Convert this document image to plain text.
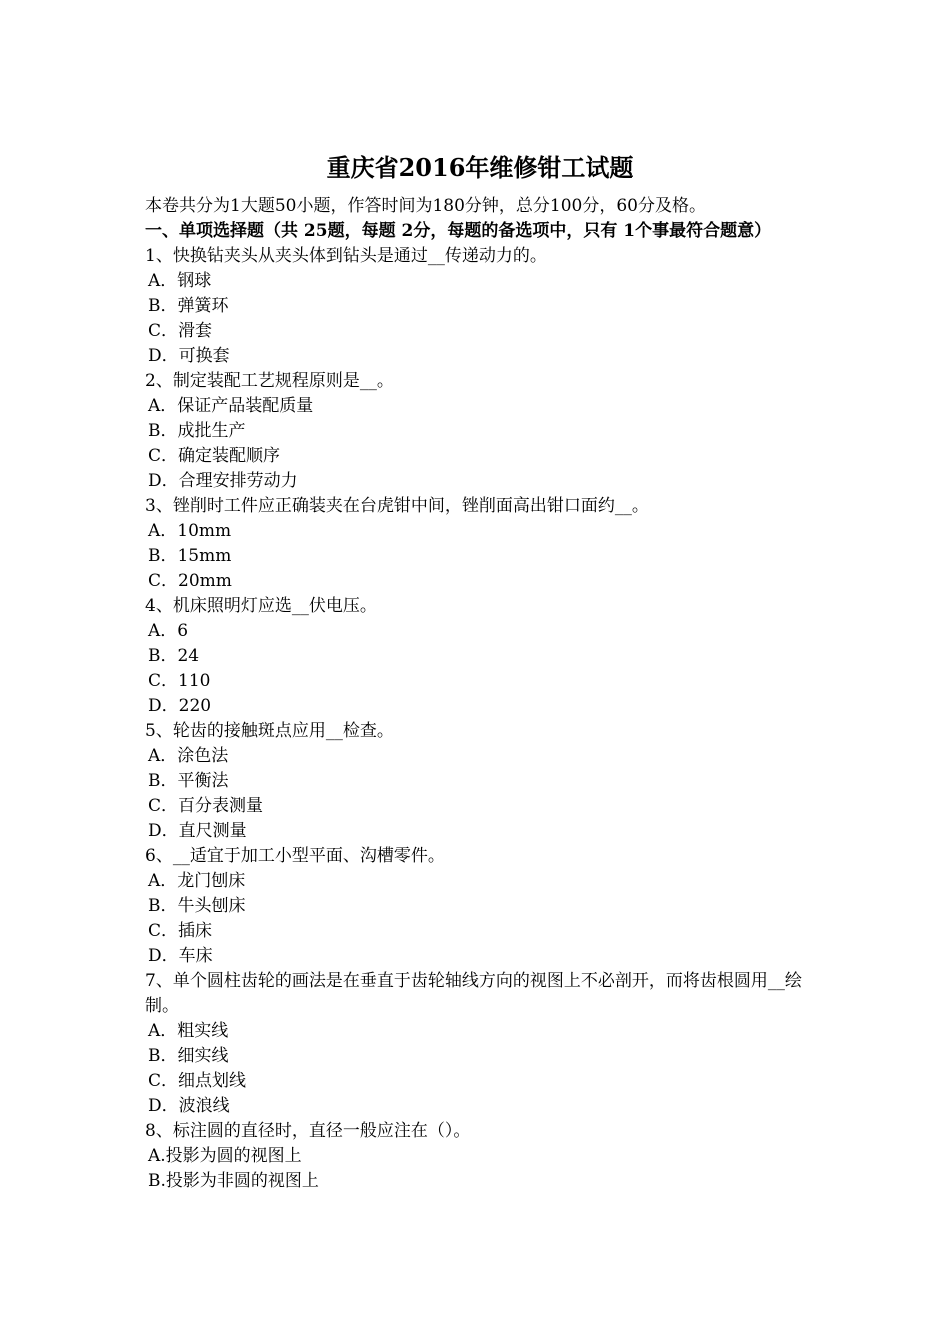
重庆省2016年维修钳工试题
本卷共分为1大题50小题，作答时间为180分钟，总分100分，60分及格。
一、单项选择题（共 25题，每题 2分，每题的备选项中，只有 1个事最符合题意）
1、快换钻夹头从夹头体到钻头是通过__传递动力的。
A．钢球
B．弹簧环
C．滑套
D．可换套
2、制定装配工艺规程原则是__。
A．保证产品装配质量
B．成批生产
C．确定装配顺序
D．合理安排劳动力
3、锉削时工件应正确装夹在台虎钳中间，锉削面高出钳口面约__。
A．10mm
B．15mm
C．20mm
4、机床照明灯应选__伏电压。
A．6
B．24
C．110
D．220
5、轮齿的接触斑点应用__检查。
A．涂色法
B．平衡法
C．百分表测量
D．直尺测量
6、__适宜于加工小型平面、沟槽零件。
A．龙门刨床
B．牛头刨床
C．插床
D．车床
7、单个圆柱齿轮的画法是在垂直于齿轮轴线方向的视图上不必剖开，而将齿根圆用__绘制。
A．粗实线
B．细实线
C．细点划线
D．波浪线
8、标注圆的直径时，直径一般应注在（）。
A.投影为圆的视图上
B.投影为非圆的视图上
